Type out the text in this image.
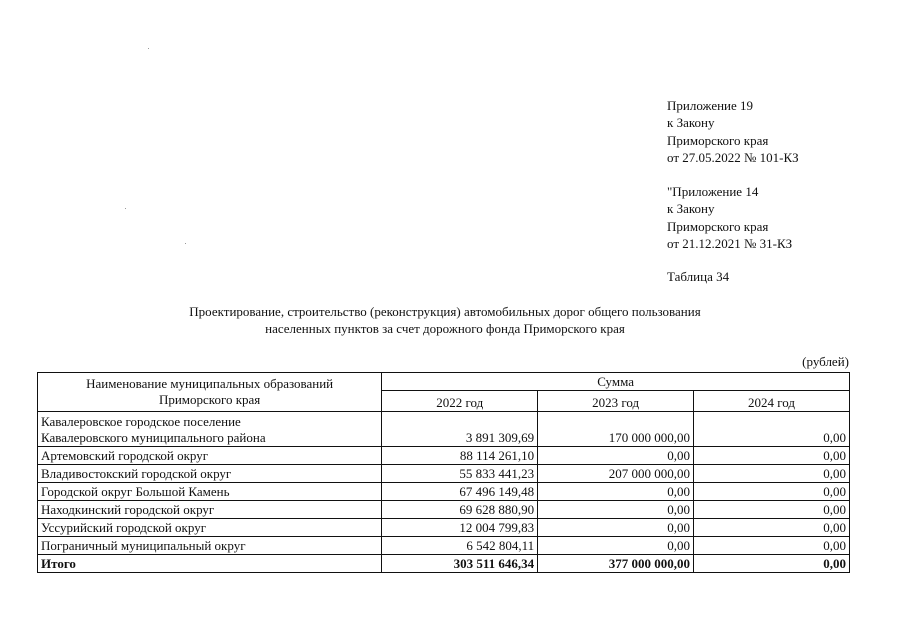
Приложение 19
к Закону
Приморского края
от 27.05.2022 № 101-КЗ
"Приложение 14
к Закону
Приморского края
от 21.12.2021 № 31-КЗ
Таблица 34
Проектирование, строительство (реконструкция) автомобильных дорог общего пользования
населенных пунктов за счет дорожного фонда Приморского края
(рублей)
Наименование муниципальных образований
Приморского края	Сумма		
	2022 год	2023 год	2024 год

Кавалеровское городское поселение
Кавалеровского муниципального района	3 891 309,69	170 000 000,00	0,00
Артемовский городской округ	88 114 261,10	0,00	0,00
Владивостокский городской округ	55 833 441,23	207 000 000,00	0,00
Городской округ Большой Камень	67 496 149,48	0,00	0,00
Находкинский городской округ	69 628 880,90	0,00	0,00
Уссурийский городской округ	12 004 799,83	0,00	0,00
Пограничный муниципальный округ	6 542 804,11	0,00	0,00
Итого	303 511 646,34	377 000 000,00	0,00
